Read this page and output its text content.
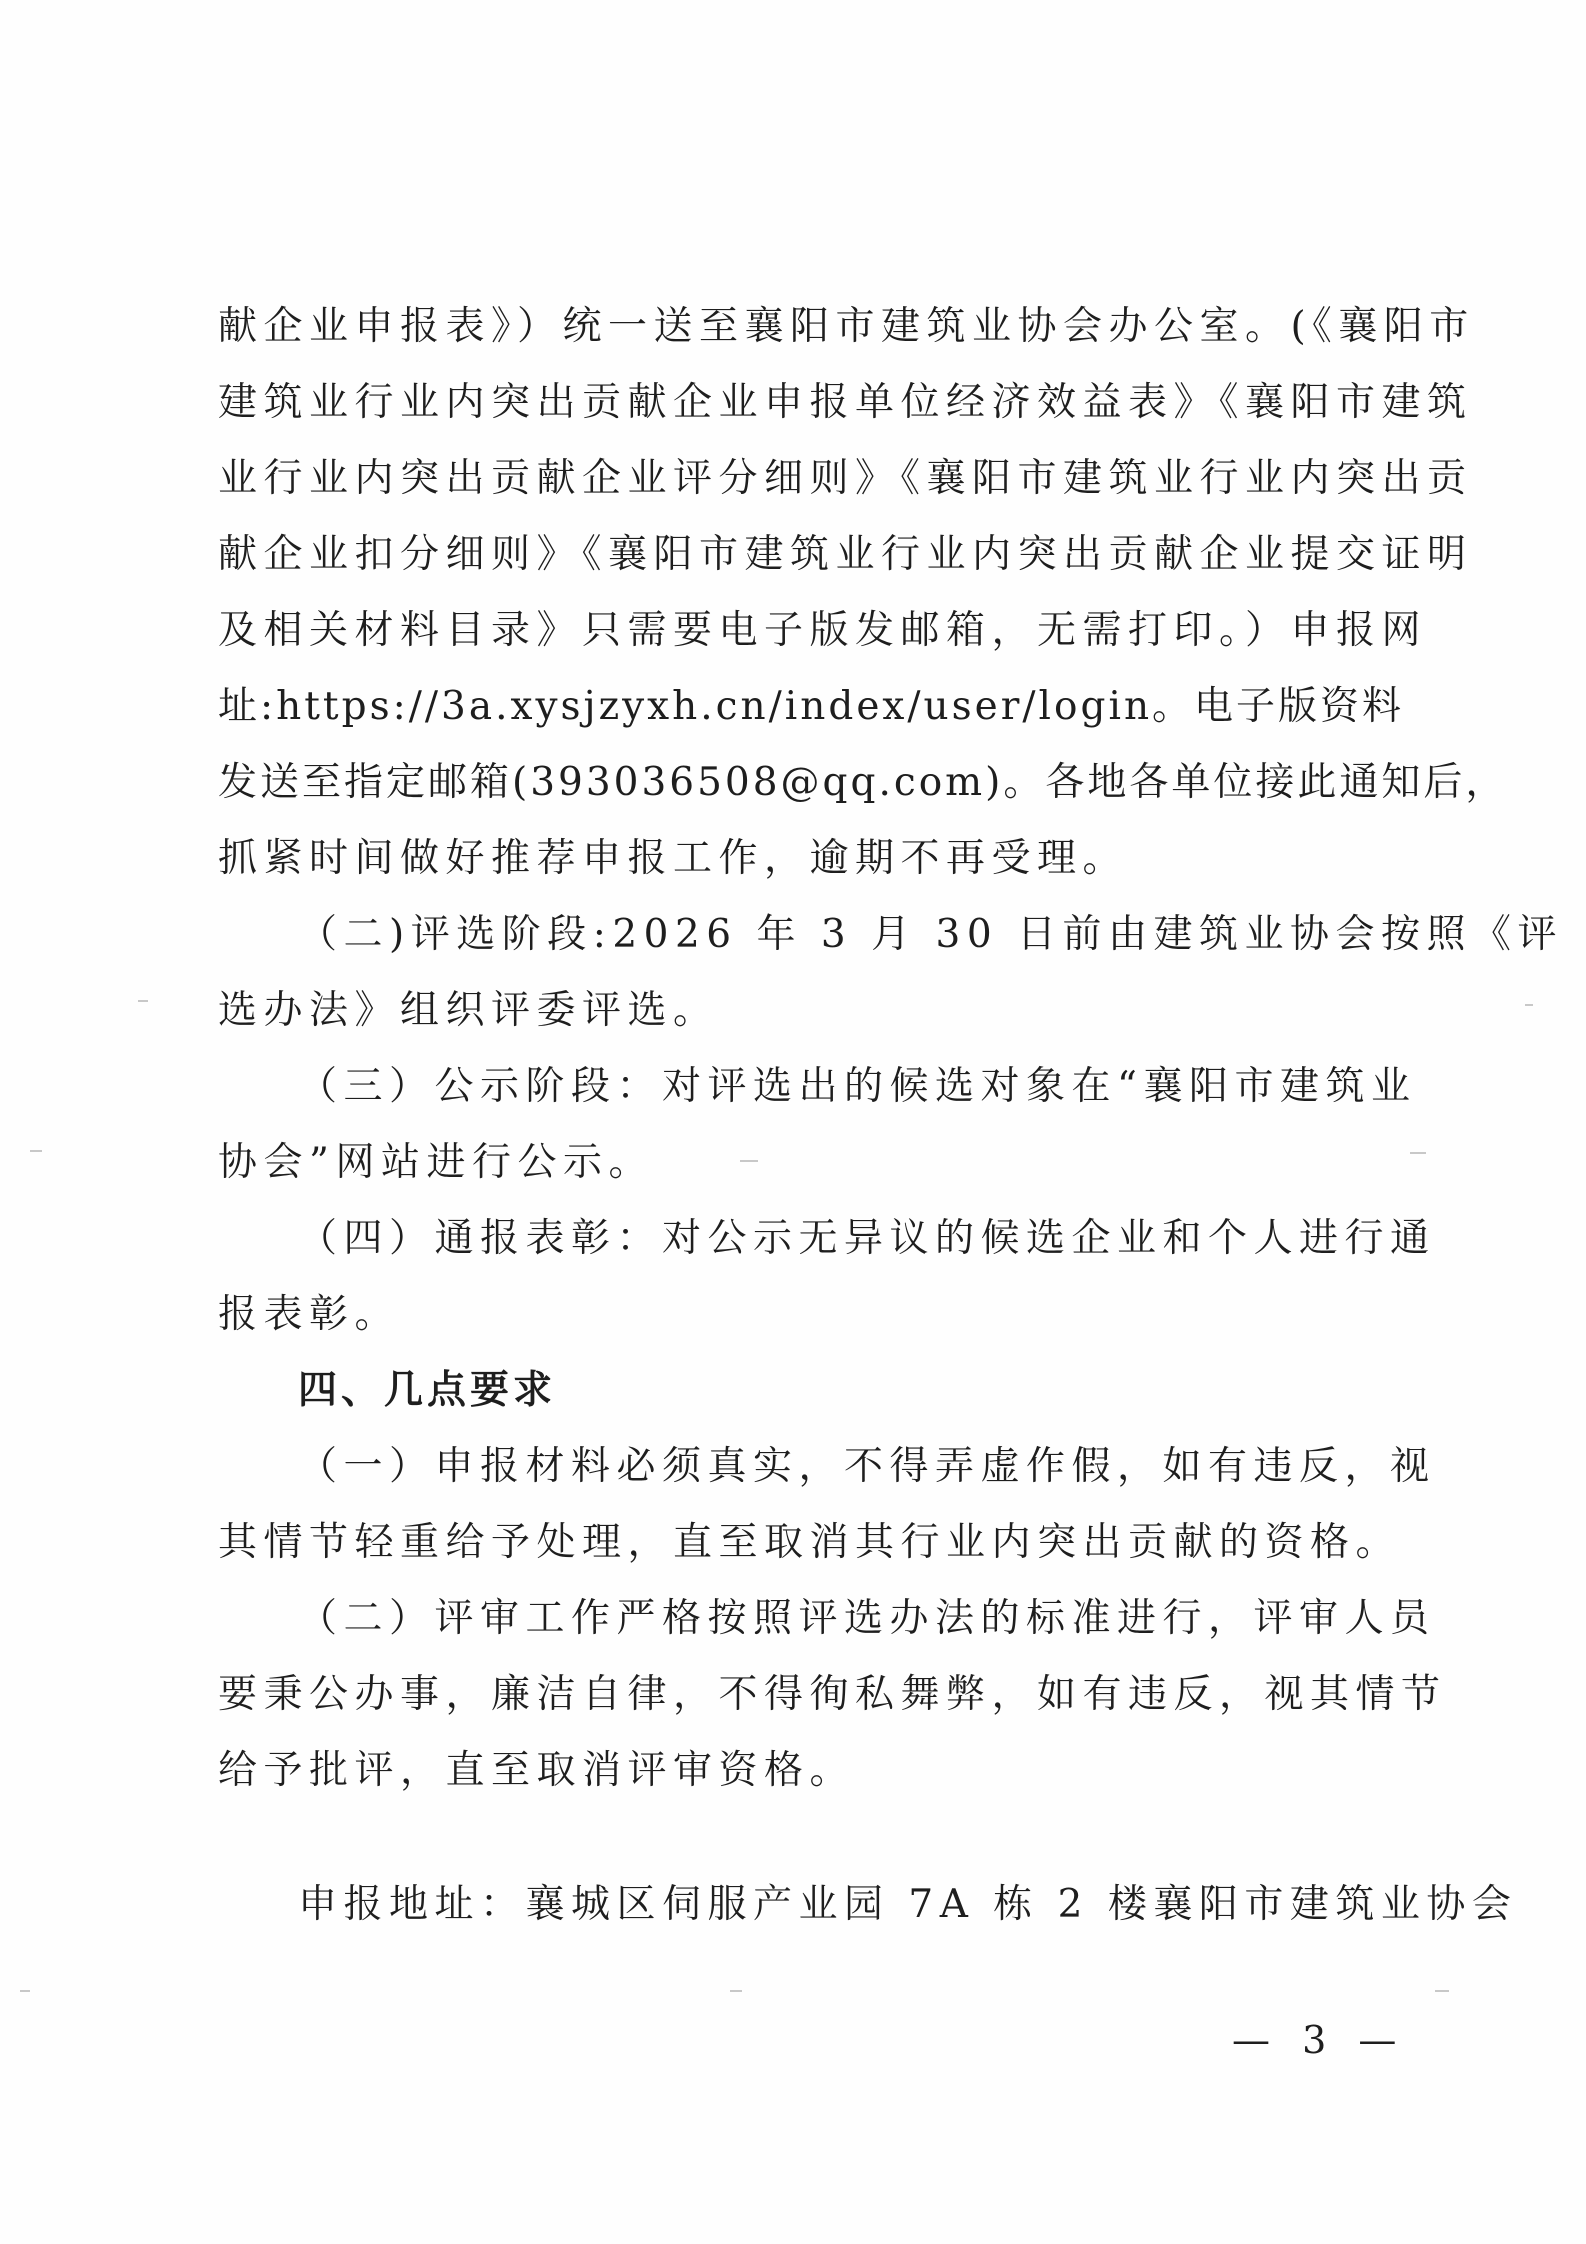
献企业申报表》）统一送至襄阳市建筑业协会办公室。(《襄阳市
建筑业行业内突出贡献企业申报单位经济效益表》《襄阳市建筑
业行业内突出贡献企业评分细则》《襄阳市建筑业行业内突出贡
献企业扣分细则》《襄阳市建筑业行业内突出贡献企业提交证明
及相关材料目录》只需要电子版发邮箱，无需打印。）申报网
址:https://3a.xysjzyxh.cn/index/user/login。电子版资料
发送至指定邮箱(393036508@qq.com)。各地各单位接此通知后，
抓紧时间做好推荐申报工作，逾期不再受理。
（二)评选阶段:2026 年 3 月 30 日前由建筑业协会按照《评
选办法》组织评委评选。
（三）公示阶段：对评选出的候选对象在“襄阳市建筑业
协会”网站进行公示。
（四）通报表彰：对公示无异议的候选企业和个人进行通
报表彰。
四、几点要求
（一）申报材料必须真实，不得弄虚作假，如有违反，视
其情节轻重给予处理，直至取消其行业内突出贡献的资格。
（二）评审工作严格按照评选办法的标准进行，评审人员
要秉公办事，廉洁自律，不得徇私舞弊，如有违反，视其情节
给予批评，直至取消评审资格。
申报地址：襄城区伺服产业园 7A 栋 2 楼襄阳市建筑业协会
— 3 —
